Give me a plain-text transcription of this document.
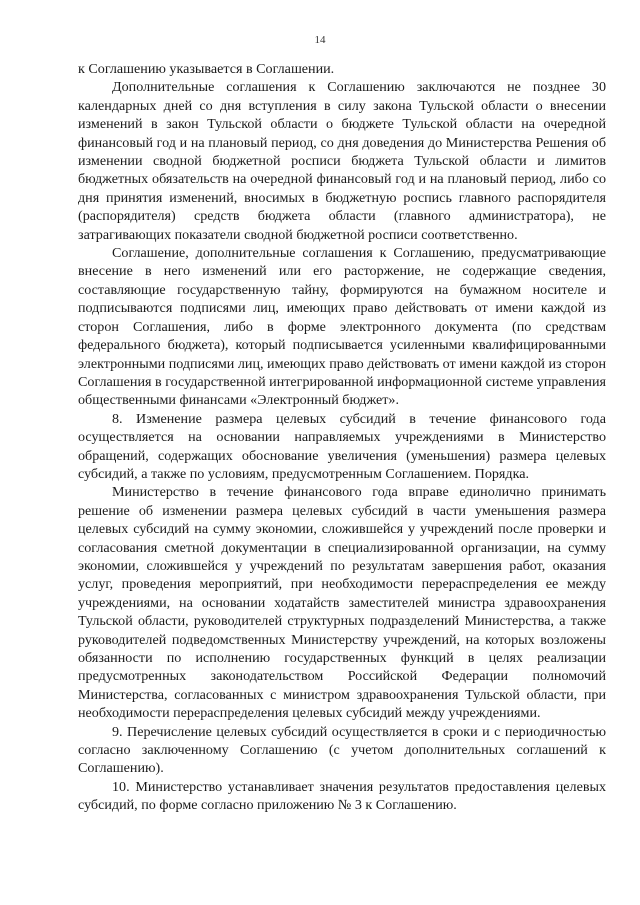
14

к Соглашению указывается в Соглашении.

Дополнительные соглашения к Соглашению заключаются не позднее 30 календарных дней со дня вступления в силу закона Тульской области о внесении изменений в закон Тульской области о бюджете Тульской области на очередной финансовый год и на плановый период, со дня доведения до Министерства Решения об изменении сводной бюджетной росписи бюджета Тульской области и лимитов бюджетных обязательств на очередной финансовый год и на плановый период, либо со дня принятия изменений, вносимых в бюджетную роспись главного распорядителя (распорядителя) средств бюджета области (главного администратора), не затрагивающих показатели сводной бюджетной росписи соответственно.

Соглашение, дополнительные соглашения к Соглашению, предусматривающие внесение в него изменений или его расторжение, не содержащие сведения, составляющие государственную тайну, формируются на бумажном носителе и подписываются подписями лиц, имеющих право действовать от имени каждой из сторон Соглашения, либо в форме электронного документа (по средствам федерального бюджета), который подписывается усиленными квалифицированными электронными подписями лиц, имеющих право действовать от имени каждой из сторон Соглашения в государственной интегрированной информационной системе управления общественными финансами «Электронный бюджет».

8. Изменение размера целевых субсидий в течение финансового года осуществляется на основании направляемых учреждениями в Министерство обращений, содержащих обоснование увеличения (уменьшения) размера целевых субсидий, а также по условиям, предусмотренным Соглашением. Порядка.

Министерство в течение финансового года вправе единолично принимать решение об изменении размера целевых субсидий в части уменьшения размера целевых субсидий на сумму экономии, сложившейся у учреждений после проверки и согласования сметной документации в специализированной организации, на сумму экономии, сложившейся у учреждений по результатам завершения работ, оказания услуг, проведения мероприятий, при необходимости перераспределения ее между учреждениями, на основании ходатайств заместителей министра здравоохранения Тульской области, руководителей структурных подразделений Министерства, а также руководителей подведомственных Министерству учреждений, на которых возложены обязанности по исполнению государственных функций в целях реализации предусмотренных законодательством Российской Федерации полномочий Министерства, согласованных с министром здравоохранения Тульской области, при необходимости перераспределения целевых субсидий между учреждениями.

9. Перечисление целевых субсидий осуществляется в сроки и с периодичностью согласно заключенному Соглашению (с учетом дополнительных соглашений к Соглашению).

10. Министерство устанавливает значения результатов предоставления целевых субсидий, по форме согласно приложению № 3 к Соглашению.
